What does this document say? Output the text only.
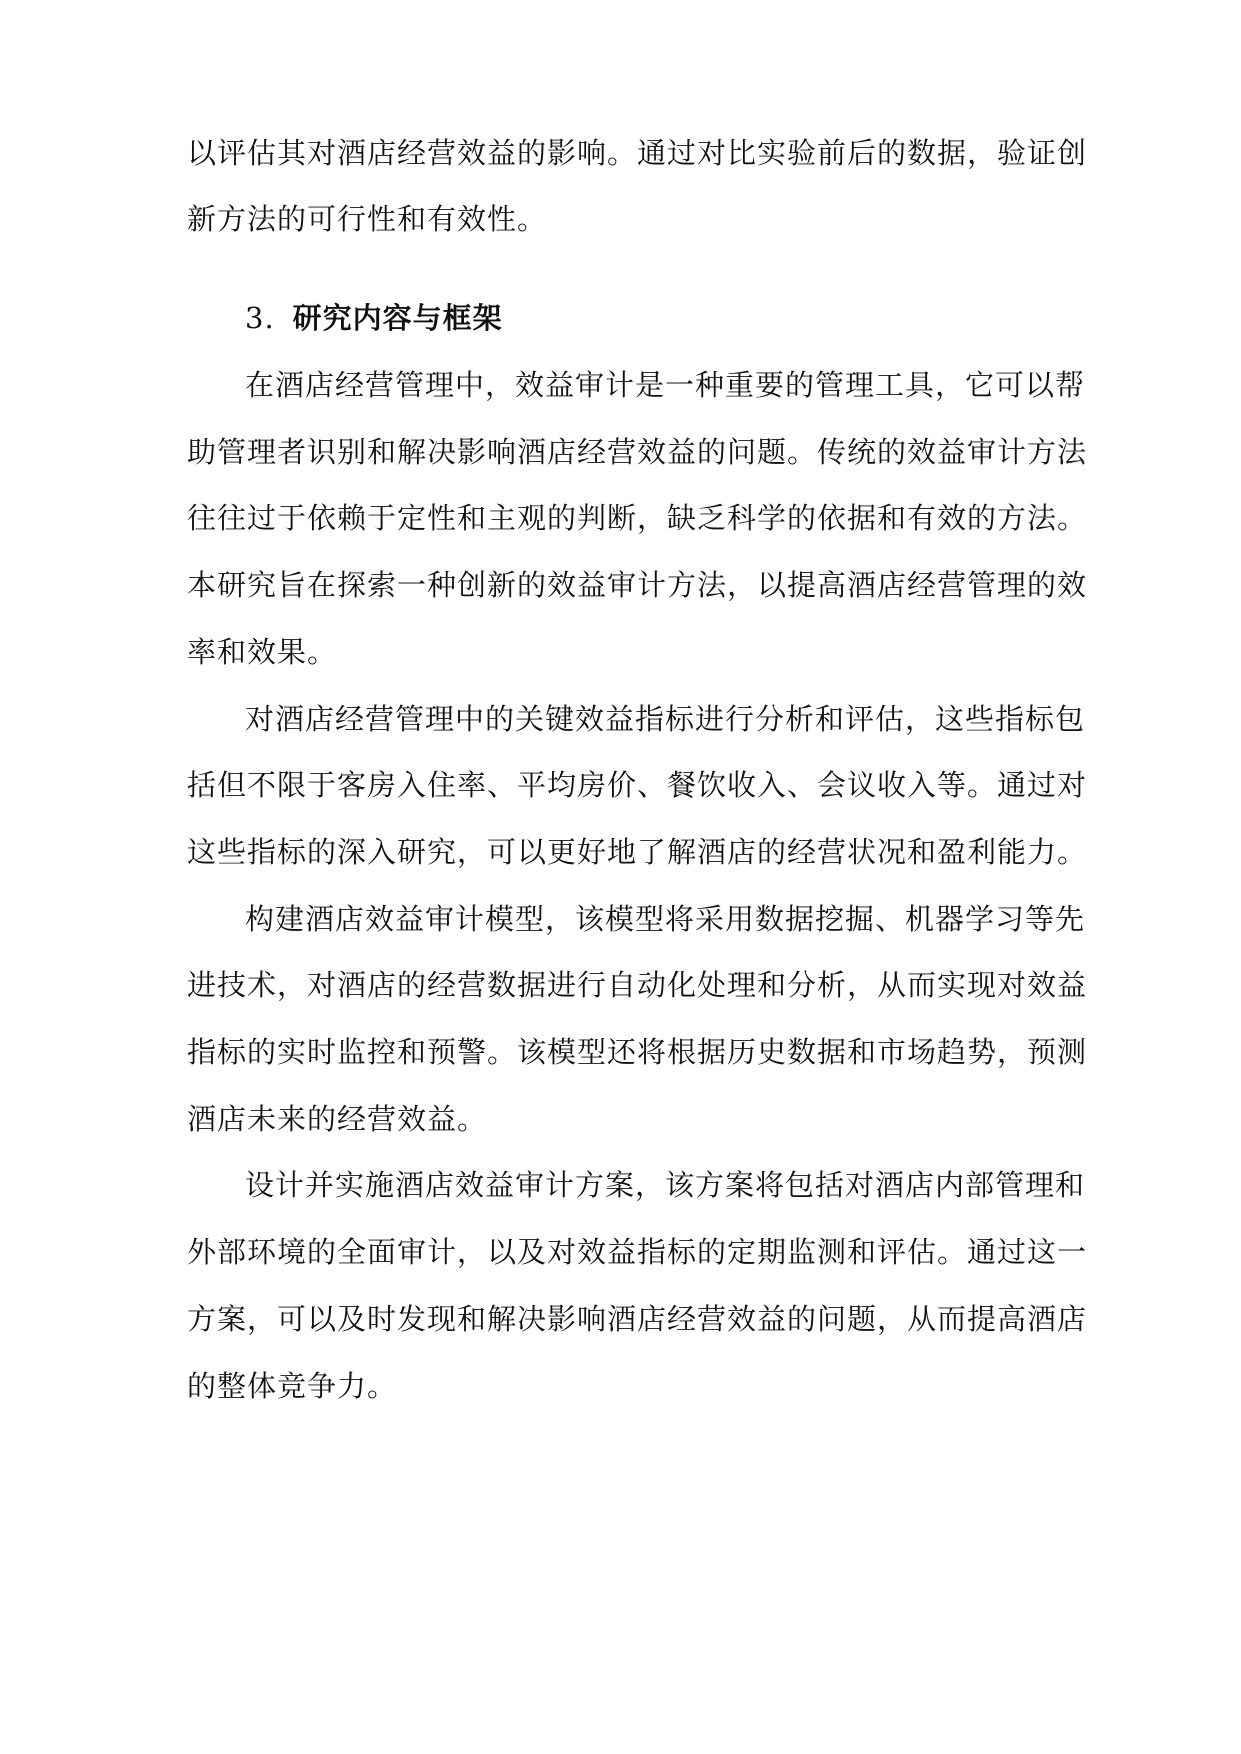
以评估其对酒店经营效益的影响。通过对比实验前后的数据，验证创
新方法的可行性和有效性。
3. 研究内容与框架
在酒店经营管理中，效益审计是一种重要的管理工具，它可以帮
助管理者识别和解决影响酒店经营效益的问题。传统的效益审计方法
往往过于依赖于定性和主观的判断，缺乏科学的依据和有效的方法。
本研究旨在探索一种创新的效益审计方法，以提高酒店经营管理的效
率和效果。
对酒店经营管理中的关键效益指标进行分析和评估，这些指标包
括但不限于客房入住率、平均房价、餐饮收入、会议收入等。通过对
这些指标的深入研究，可以更好地了解酒店的经营状况和盈利能力。
构建酒店效益审计模型，该模型将采用数据挖掘、机器学习等先
进技术，对酒店的经营数据进行自动化处理和分析，从而实现对效益
指标的实时监控和预警。该模型还将根据历史数据和市场趋势，预测
酒店未来的经营效益。
设计并实施酒店效益审计方案，该方案将包括对酒店内部管理和
外部环境的全面审计，以及对效益指标的定期监测和评估。通过这一
方案，可以及时发现和解决影响酒店经营效益的问题，从而提高酒店
的整体竞争力。
